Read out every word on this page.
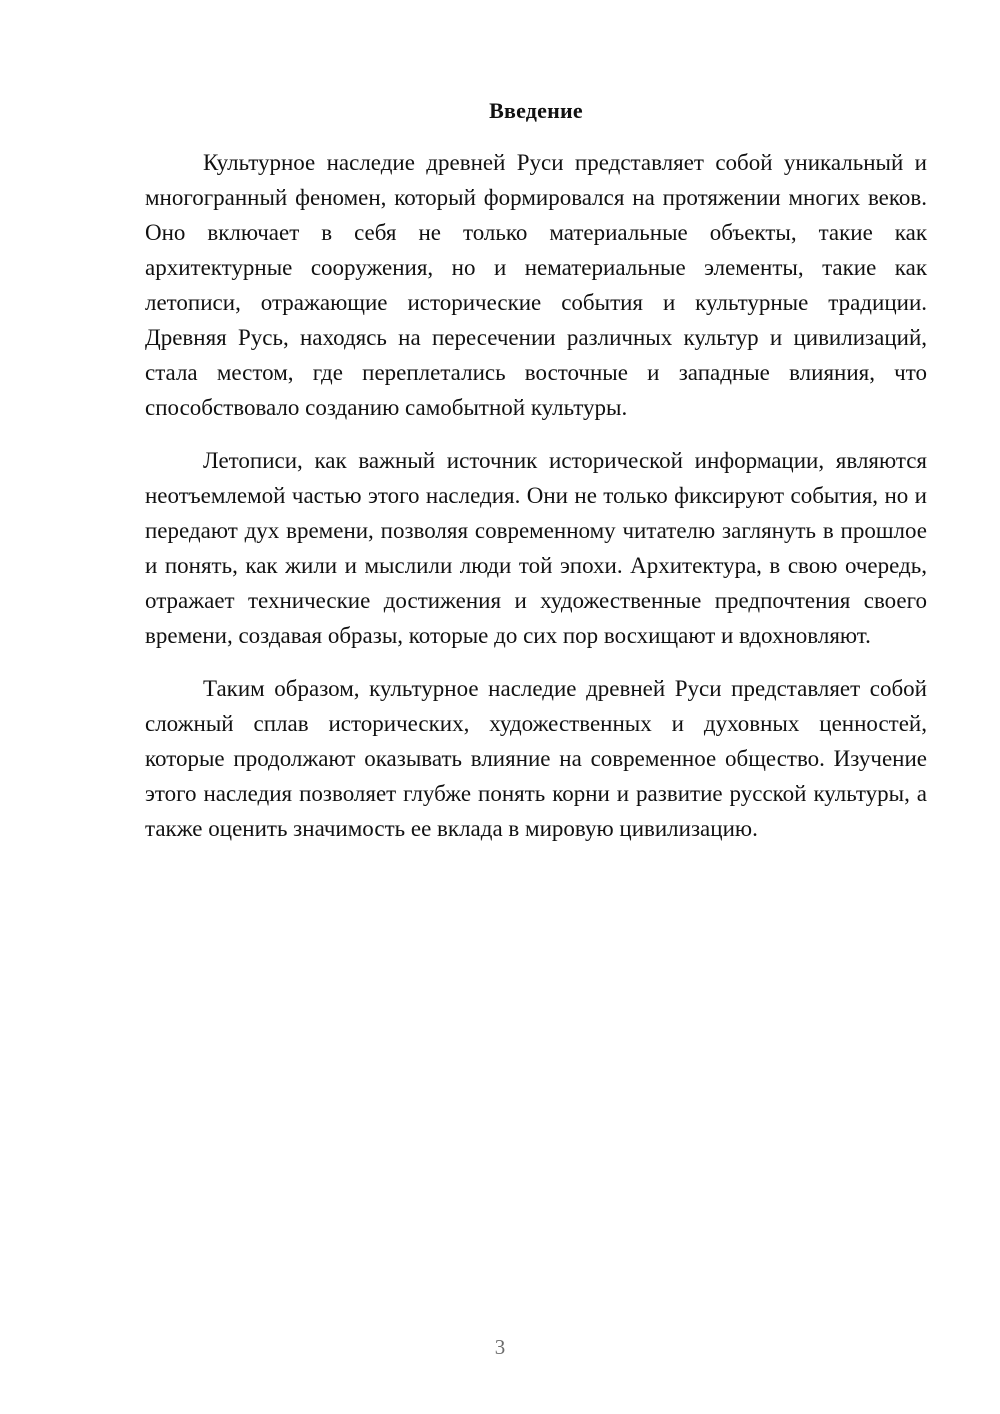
Введение

Культурное наследие древней Руси представляет собой уникальный и многогранный феномен, который формировался на протяжении многих веков. Оно включает в себя не только материальные объекты, такие как архитектурные сооружения, но и нематериальные элементы, такие как летописи, отражающие исторические события и культурные традиции. Древняя Русь, находясь на пересечении различных культур и цивилизаций, стала местом, где переплетались восточные и западные влияния, что способствовало созданию самобытной культуры.

Летописи, как важный источник исторической информации, являются неотъемлемой частью этого наследия. Они не только фиксируют события, но и передают дух времени, позволяя современному читателю заглянуть в прошлое и понять, как жили и мыслили люди той эпохи. Архитектура, в свою очередь, отражает технические достижения и художественные предпочтения своего времени, создавая образы, которые до сих пор восхищают и вдохновляют.

Таким образом, культурное наследие древней Руси представляет собой сложный сплав исторических, художественных и духовных ценностей, которые продолжают оказывать влияние на современное общество. Изучение этого наследия позволяет глубже понять корни и развитие русской культуры, а также оценить значимость ее вклада в мировую цивилизацию.

3
